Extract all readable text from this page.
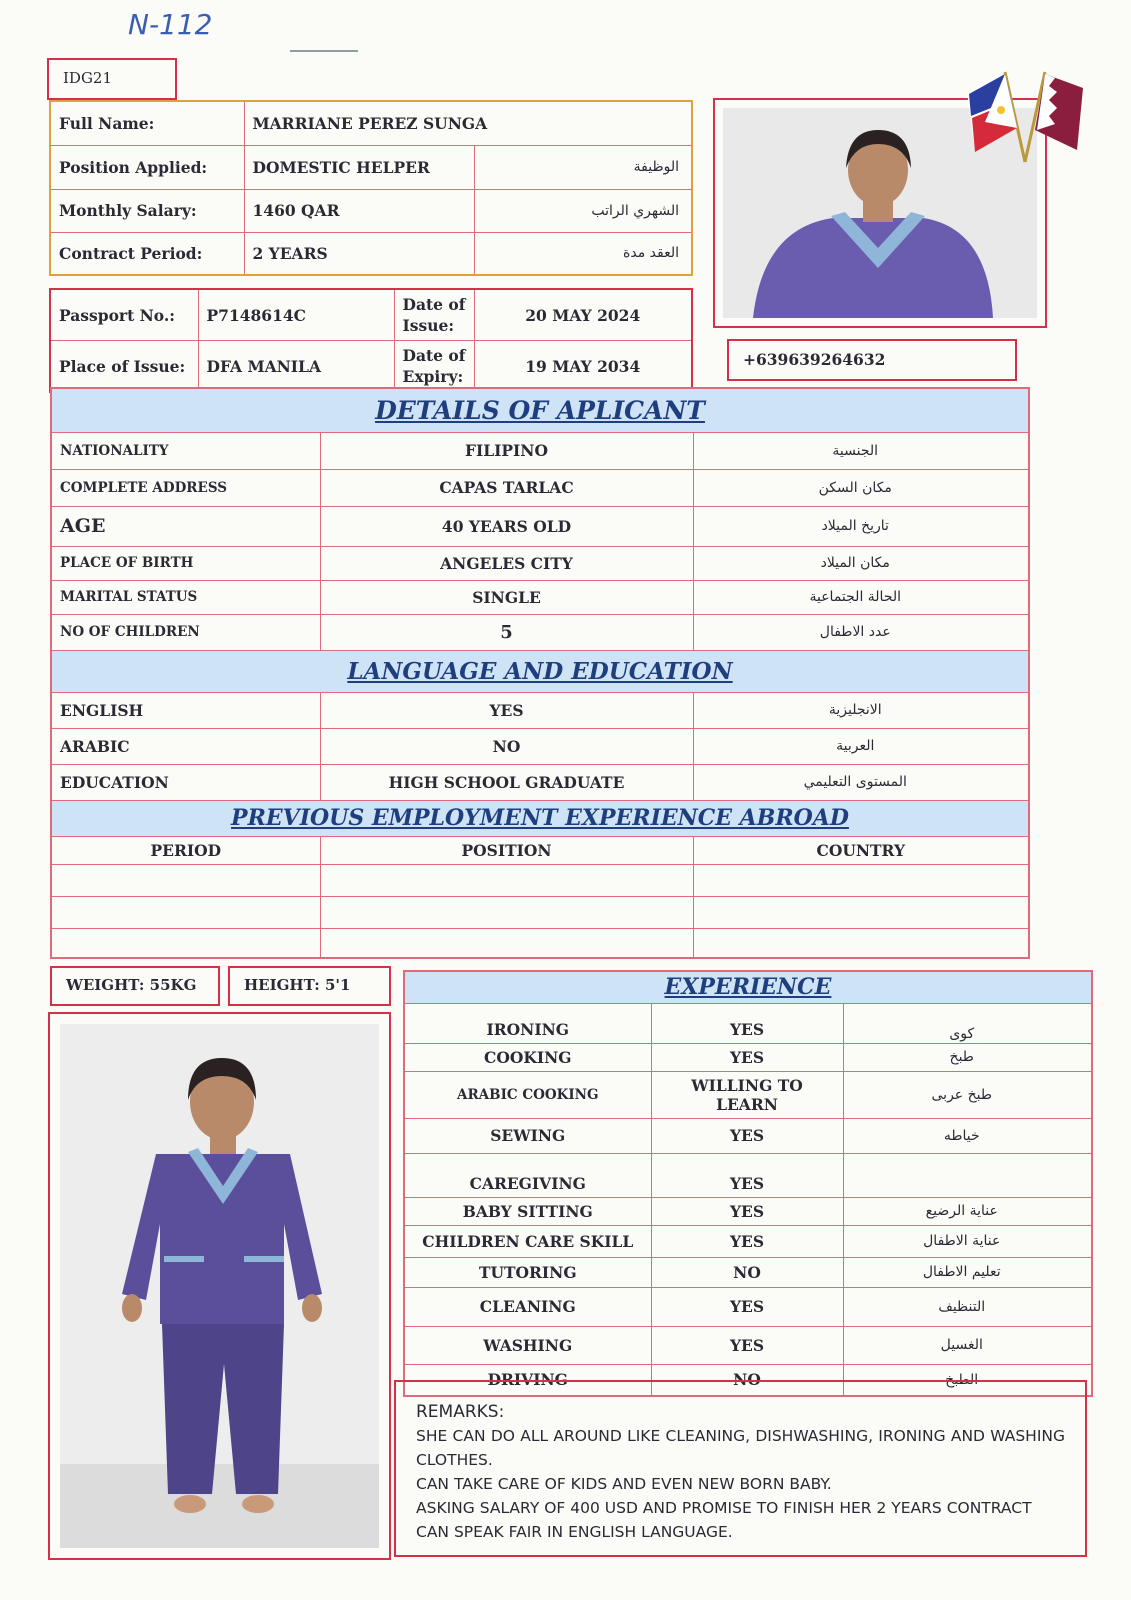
N-112
IDG21
Full Name:	MARRIANE PEREZ SUNGA	
Position Applied:	DOMESTIC HELPER	الوظيفة
Monthly Salary:	1460 QAR	الشهري الراتب
Contract Period:	2 YEARS	العقد مدة
Passport No.:	P7148614C	Date of Issue:	20 MAY 2024
Place of Issue:	DFA MANILA	Date of Expiry:	19 MAY 2034	+639639264632
DETAILS OF APLICANT		
NATIONALITY	FILIPINO	الجنسية
COMPLETE ADDRESS	CAPAS TARLAC	مكان السكن
AGE	40 YEARS OLD	تاريخ الميلاد
PLACE OF BIRTH	ANGELES CITY	مكان الميلاد
MARITAL STATUS	SINGLE	الحالة الجتماعية
NO OF CHILDREN	5	عدد الاطفال
LANGUAGE AND EDUCATION		
ENGLISH	YES	الانجليزية
ARABIC	NO	العربية
EDUCATION	HIGH SCHOOL GRADUATE	المستوى التعليمي
PREVIOUS EMPLOYMENT EXPERIENCE ABROAD		
PERIOD	POSITION	COUNTRY

WEIGHT: 55KG	HEIGHT: 5'1	EXPERIENCE		
IRONING	YES	كوى
COOKING	YES	طبخ
ARABIC COOKING	WILLING TO LEARN	طبخ عربى
SEWING	YES	خياطه
CAREGIVING	YES	
BABY SITTING	YES	عناية الرضيع
CHILDREN CARE SKILL	YES	عناية الاطفال
TUTORING	NO	تعليم الاطفال
CLEANING	YES	التنظيف
WASHING	YES	الغسيل
DRIVING	NO	الطبخ
REMARKS:
SHE CAN DO ALL AROUND LIKE CLEANING, DISHWASHING, IRONING AND WASHING CLOTHES.
CAN TAKE CARE OF KIDS AND EVEN NEW BORN BABY.
ASKING SALARY OF 400 USD AND PROMISE TO FINISH HER 2 YEARS CONTRACT
CAN SPEAK FAIR IN ENGLISH LANGUAGE.
